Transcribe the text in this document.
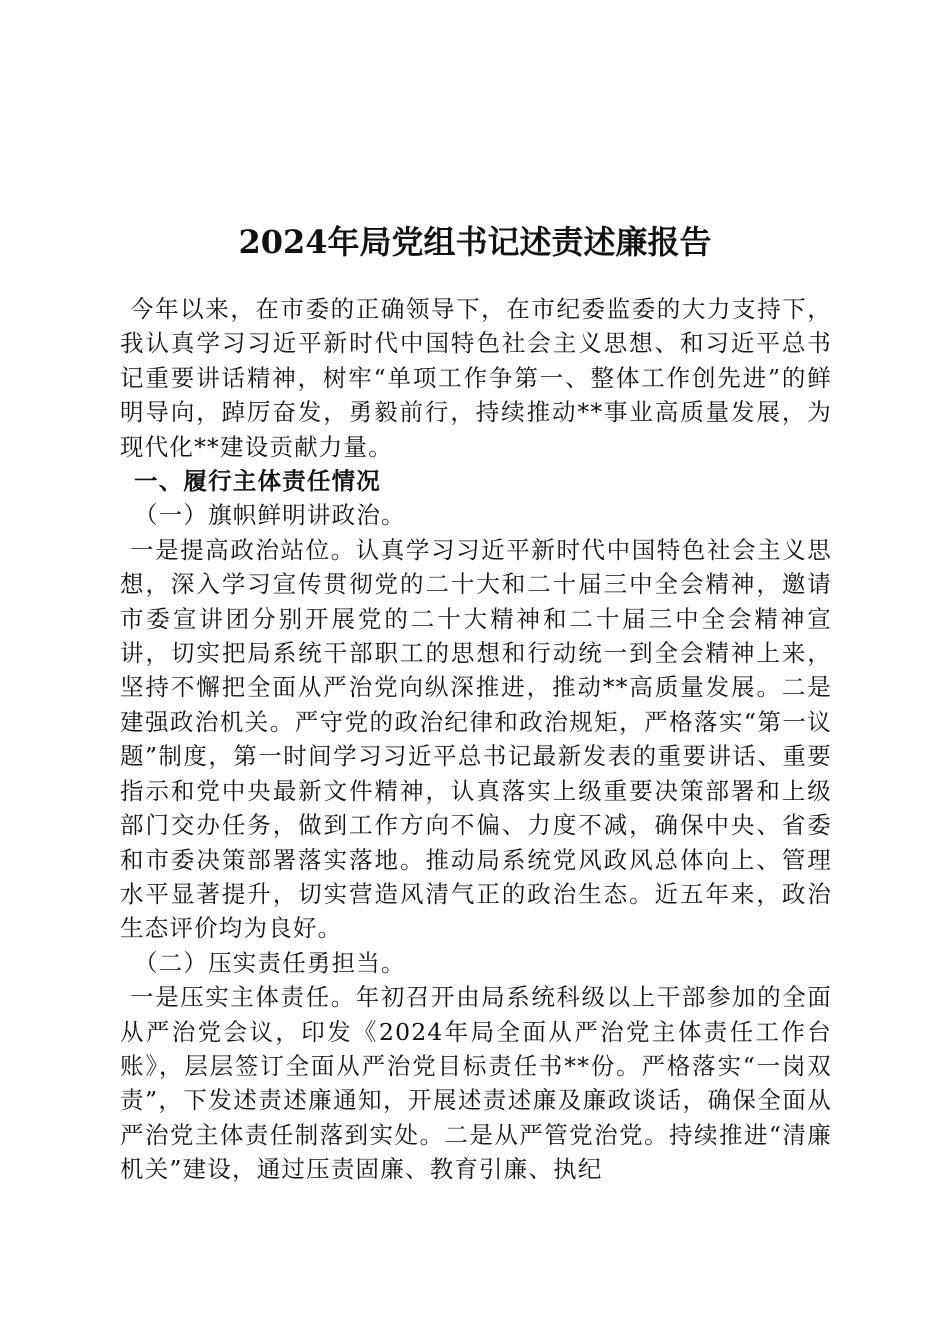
2024年局党组书记述责述廉报告

今年以来，在市委的正确领导下，在市纪委监委的大力支持下，我认真学习习近平新时代中国特色社会主义思想、和习近平总书记重要讲话精神，树牢“单项工作争第一、整体工作创先进”的鲜明导向，踔厉奋发，勇毅前行，持续推动**事业高质量发展，为现代化**建设贡献力量。

一、履行主体责任情况

（一）旗帜鲜明讲政治。

一是提高政治站位。认真学习习近平新时代中国特色社会主义思想，深入学习宣传贯彻党的二十大和二十届三中全会精神，邀请市委宣讲团分别开展党的二十大精神和二十届三中全会精神宣讲，切实把局系统干部职工的思想和行动统一到全会精神上来，坚持不懈把全面从严治党向纵深推进，推动**高质量发展。二是建强政治机关。严守党的政治纪律和政治规矩，严格落实“第一议题”制度，第一时间学习习近平总书记最新发表的重要讲话、重要指示和党中央最新文件精神，认真落实上级重要决策部署和上级部门交办任务，做到工作方向不偏、力度不减，确保中央、省委和市委决策部署落实落地。推动局系统党风政风总体向上、管理水平显著提升，切实营造风清气正的政治生态。近五年来，政治生态评价均为良好。

（二）压实责任勇担当。

一是压实主体责任。年初召开由局系统科级以上干部参加的全面从严治党会议，印发《2024年局全面从严治党主体责任工作台账》，层层签订全面从严治党目标责任书**份。严格落实“一岗双责”，下发述责述廉通知，开展述责述廉及廉政谈话，确保全面从严治党主体责任制落到实处。二是从严管党治党。持续推进“清廉机关”建设，通过压责固廉、教育引廉、执纪
